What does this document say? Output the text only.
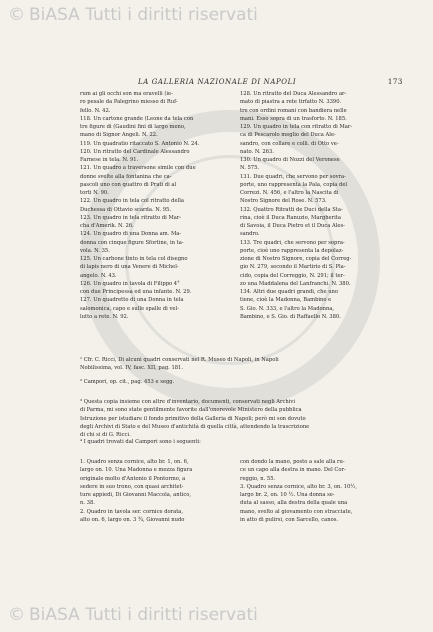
© BiASA Tutti i diritti riservati
LA GALLERIA NAZIONALE DI NAPOLI	173

rum ai gli occhi son ma eravelli (ie-

ro pesale da Palegrino miesso di Ruf-

fello. N. 42.

118. Un cartone grande (Leone da tela con

tre figure di (Gaudini fini di largo meno,

mano di Signor Angeli. N. 22.

119. Un quadratio ritaccato S. Antonio N. 24.

120. Un ritratto del Cardinale Alessandro

Farnese in tela. N. 91.

121. Un quadro a traversone simile con due

donne svelte alla fontanina che ca-

pascoli uno con quattro di Prati di al

torti N. 90.

122. Un quadro in tela col ritratto della

Duchessa di Ottavio scarda. N. 95.

123. Un quadro in tela ritratto di Mar-

cha d'Amerik. N. 26.

124. Un quadro di una Donna am. Ma-

donna con cinque figure Sfortine, in ta-

vola. N. 35.

125. Un carbone tinto in tela col disegno

di lapis nero di una Venere di Michel-

angelo. N. 43.

126. Un quadro in tavola di Filippo 4°

con due Principessa ed una infante. N. 29.

127. Un quadretto di una Donna in tela

salomonica, capo e sulle spalle di vel-

lutto a rete. N. 92.

128. Un ritratto del Duca Alessandro ar-

mato di piastra a rete tirfatto N. 3390.

tre con ordini romani con bandiera nelle

mani. Esso sopra di un trasforto. N. 185.

129. Un quadro in tela con ritratto di Mar-

ca di Pescarolo meglio del Duca Ale-

sandro, con collare e colli. di Otto ve-

nato. N. 263.

130. Un quadro di Nozzi del Veronese

N. 575.

131. Due quadri, che servono per sovra-

porte, uno rappresenta la Pala, copia del

Correzi. N. 456, e l'altro la Nascita di

Nostro Signore del Rose. N. 573.

132. Quattro Ritratti de Duci della Sta-

rina, cioè il Duca Ranuzio, Margherita

di Savoia, il Duca Pietro et il Duca Ales-

sandro.

133. Tre quadri, che servono per sopra-

porte, cioè uno rappresenta la depolaz-

zione di Nostro Signore, copia del Correg-

gio N. 279, secondo il Martirio di S. Pla-

cido, copia del Correggio, N. 291; il ter-

zo una Maddalena del Lanfranchi. N. 380.

134. Altri due quadri grandi, che uno

tiene, cioè la Madonna, Bambino e

S. Gio. N. 333, e l'altro la Madonna,

Bambino, e S. Gio. di Raffaello N. 380.

¹ Cfr. C. Ricci, Di alcuni quadri conservati nel R. Museo di Napoli, in Napoli

Nobilissima, vol. IV, fasc. XII, pag. 181.

² Campori, op. cit., pag. 453 e segg.

³ Questa copia insieme con altre d'inventario, documenti, conservati negli Archivi

di Parma, mi sono state gentilmente favorite dall'onorevole Ministero della pubblica

Istruzione per istudiare il fondo primitivo della Galleria di Napoli; però mi son dovuto

degli Archivi di Stato e del Museo d'antichità di quella città, attendendo la trascrizione

di chi si di G. Ricci.

⁴ I quadri trovati dal Campori sono i seguenti:

1. Quadro senza cornice, alto br. 1, on. 6,

largo on. 10. Una Madonna e mezza figura

originale molto d'Antonio il Pontormo, a

sedere in suo trono, con quasi architet-

ture appiedi, Di Giovanni Maccola, antico,

n. 38.

2. Quadro in tavola ser. cornice dorata,

alto on. 6, largo on. 3 ¾, Giovanni nudo

con dondo la mano, posto a sale alla ru-

ce un capo alla destra in mano. Del Cor-

reggio, n. 55.

3. Quadro senza cornice, alto br. 3, on. 10½,

largo br. 2, on. 10 ½. Una donna se-

duta al sasso, alla destra della quale una

mano, svelto al giovamento con stracciate,

in atto di pulirsi, con Sarcello, canos.

© BiASA Tutti i diritti riservati
